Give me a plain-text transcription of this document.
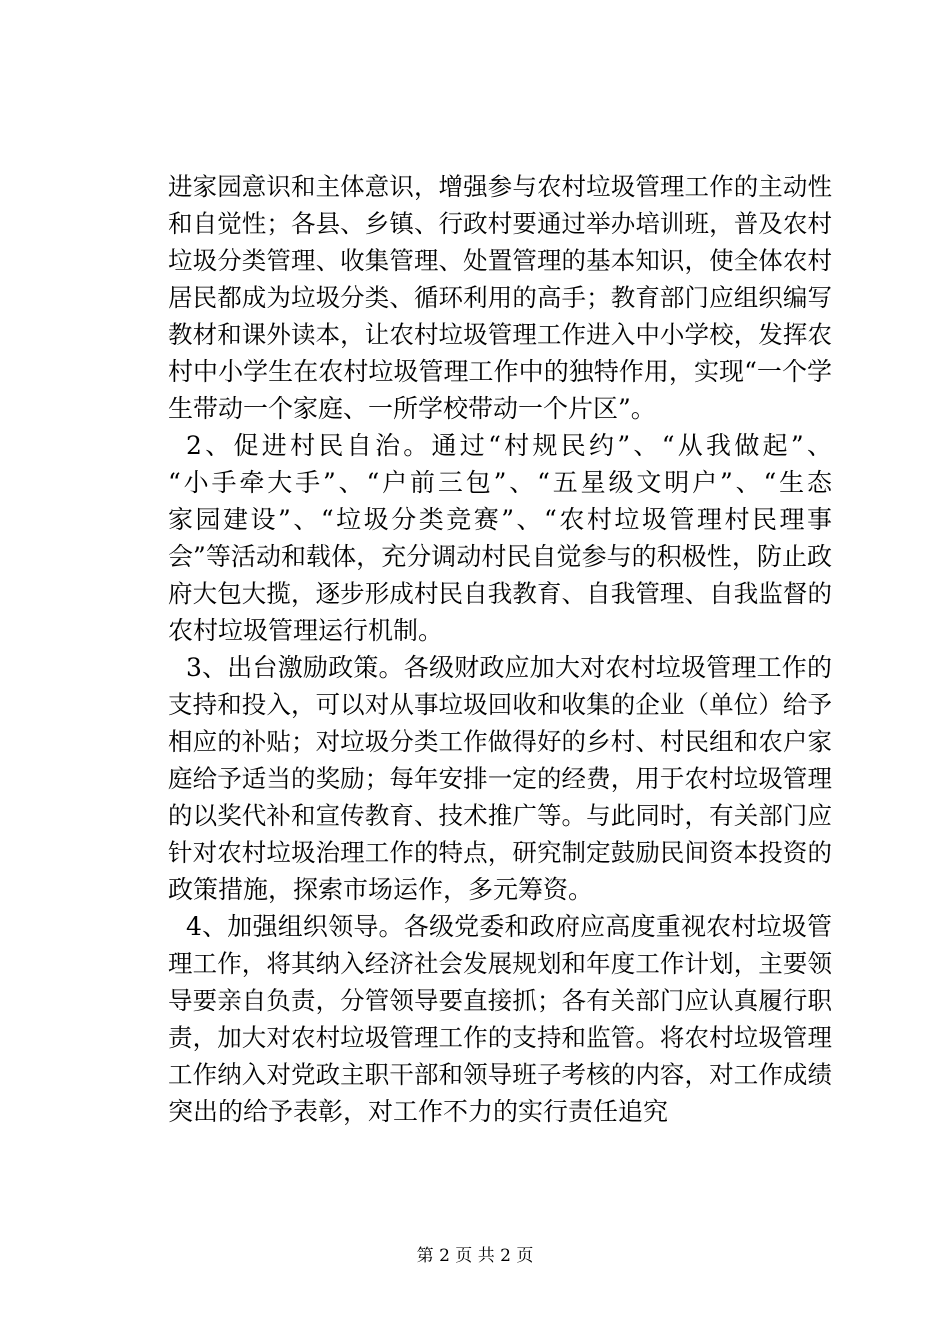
进家园意识和主体意识，增强参与农村垃圾管理工作的主动性
和自觉性；各县、乡镇、行政村要通过举办培训班，普及农村
垃圾分类管理、收集管理、处置管理的基本知识，使全体农村
居民都成为垃圾分类、循环利用的高手；教育部门应组织编写
教材和课外读本，让农村垃圾管理工作进入中小学校，发挥农
村中小学生在农村垃圾管理工作中的独特作用，实现“一个学
生带动一个家庭、一所学校带动一个片区”。
2、促进村民自治。通过“村规民约”、“从我做起”、
“小手牵大手”、“户前三包”、“五星级文明户”、“生态
家园建设”、“垃圾分类竞赛”、“农村垃圾管理村民理事
会”等活动和载体，充分调动村民自觉参与的积极性，防止政
府大包大揽，逐步形成村民自我教育、自我管理、自我监督的
农村垃圾管理运行机制。
3、出台激励政策。各级财政应加大对农村垃圾管理工作的
支持和投入，可以对从事垃圾回收和收集的企业（单位）给予
相应的补贴；对垃圾分类工作做得好的乡村、村民组和农户家
庭给予适当的奖励；每年安排一定的经费，用于农村垃圾管理
的以奖代补和宣传教育、技术推广等。与此同时，有关部门应
针对农村垃圾治理工作的特点，研究制定鼓励民间资本投资的
政策措施，探索市场运作，多元筹资。
4、加强组织领导。各级党委和政府应高度重视农村垃圾管
理工作，将其纳入经济社会发展规划和年度工作计划，主要领
导要亲自负责，分管领导要直接抓；各有关部门应认真履行职
责，加大对农村垃圾管理工作的支持和监管。将农村垃圾管理
工作纳入对党政主职干部和领导班子考核的内容，对工作成绩
突出的给予表彰，对工作不力的实行责任追究
第 2 页 共 2 页
